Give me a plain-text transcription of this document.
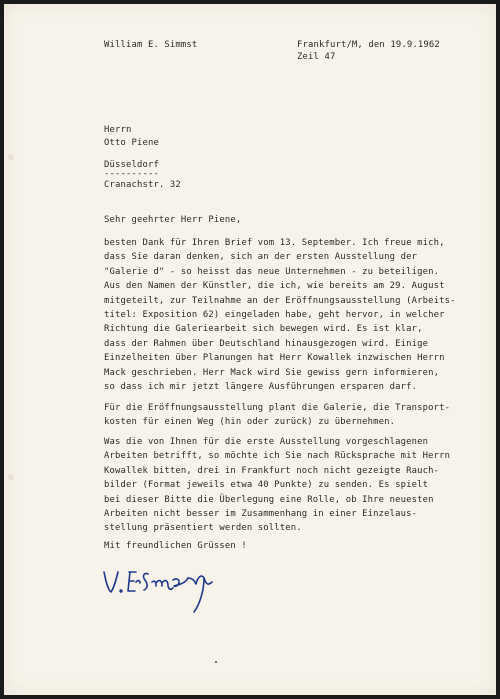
William E. Simmst	Frankfurt/M, den 19.9.1962

Zeil 47

Herrn

Otto Piene

Düsseldorf

----------

Cranachstr. 32

Sehr geehrter Herr Piene,

besten Dank für Ihren Brief vom 13. September. Ich freue mich,

dass Sie daran denken, sich an der ersten Ausstellung der

"Galerie d" - so heisst das neue Unternehmen - zu beteiligen.

Aus den Namen der Künstler, die ich, wie bereits am 29. August

mitgeteilt, zur Teilnahme an der Eröffnungsausstellung (Arbeits-

titel: Exposition 62) eingeladen habe, geht hervor, in welcher

Richtung die Galeriearbeit sich bewegen wird. Es ist klar,

dass der Rahmen über Deutschland hinausgezogen wird. Einige

Einzelheiten über Planungen hat Herr Kowallek inzwischen Herrn

Mack geschrieben. Herr Mack wird Sie gewiss gern informieren,

so dass ich mir jetzt längere Ausführungen ersparen darf.

Für die Eröffnungsausstellung plant die Galerie, die Transport-

kosten für einen Weg (hin oder zurück) zu übernehmen.

Was die von Ihnen für die erste Ausstellung vorgeschlagenen

Arbeiten betrifft, so möchte ich Sie nach Rücksprache mit Herrn

Kowallek bitten, drei in Frankfurt noch nicht gezeigte Rauch-

bilder (Format jeweils etwa 40 Punkte) zu senden. Es spielt

bei dieser Bitte die Überlegung eine Rolle, ob Ihre neuesten

Arbeiten nicht besser im Zusammenhang in einer Einzelaus-

stellung präsentiert werden sollten.

Mit freundlichen Grüssen !
